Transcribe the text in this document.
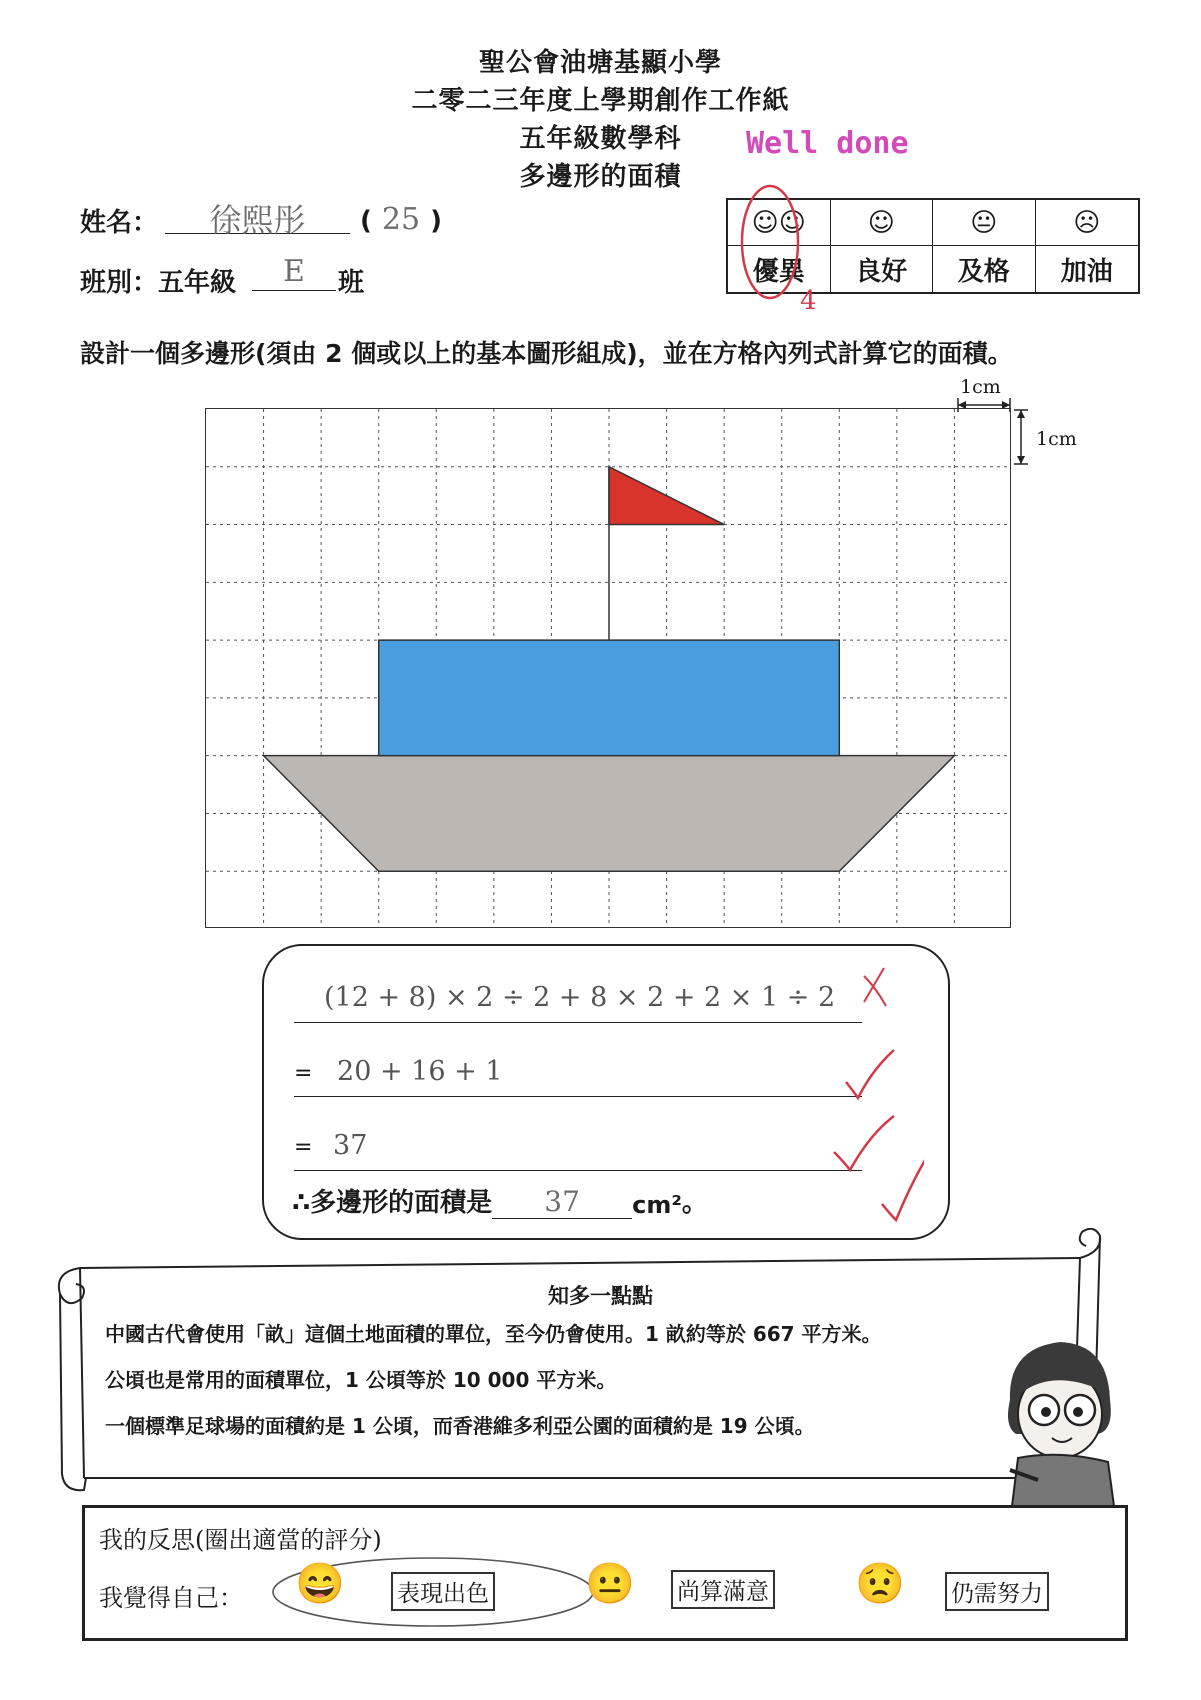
聖公會油塘基顯小學
二零二三年度上學期創作工作紙
五年級數學科
多邊形的面積
Well done
姓名：	徐熙彤	( 25 )
班別：五年級	E	班
☺☺	☺	😐	☹
優異	良好	及格	加油
4
設計一個多邊形(須由 2 個或以上的基本圖形組成)，並在方格內列式計算它的面積。
1cm
1cm
(12 + 8) × 2 ÷ 2 + 8 × 2 + 2 × 1 ÷ 2
= 20 + 16 + 1
= 37
∴多邊形的面積是	37	cm² 。
知多一點點
中國古代會使用「畝」這個土地面積的單位，至今仍會使用。1 畝約等於 667 平方米。
公頃也是常用的面積單位，1 公頃等於 10 000 平方米。
一個標準足球場的面積約是 1 公頃，而香港維多利亞公園的面積約是 19 公頃。
我的反思(圈出適當的評分)
我覺得自己： 😄 表現出色 😐 尚算滿意 😟 仍需努力
